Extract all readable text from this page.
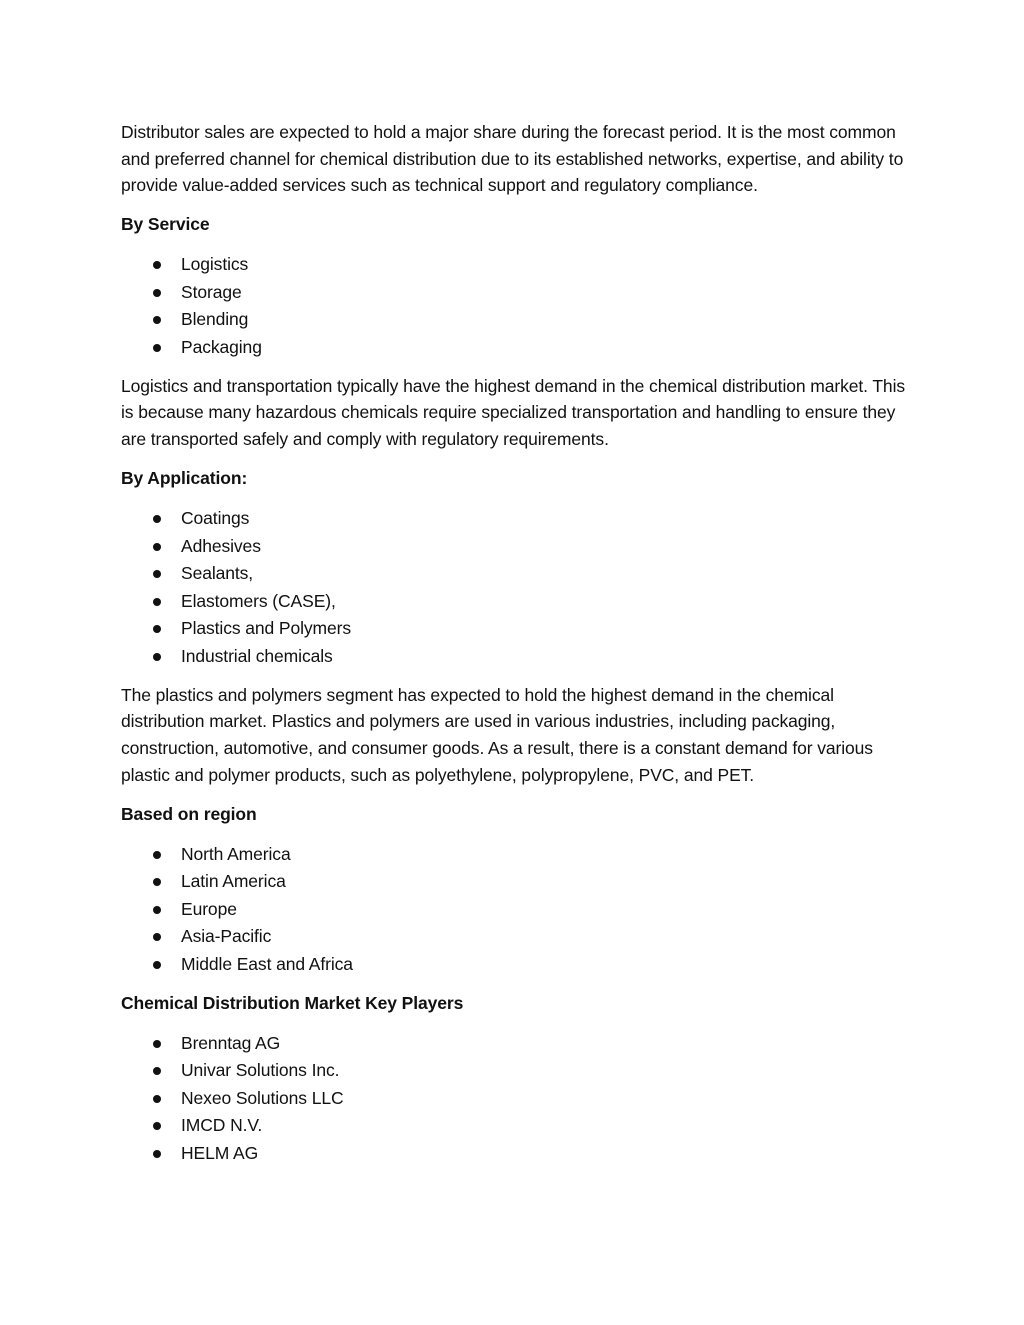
Distributor sales are expected to hold a major share during the forecast period. It is the most common and preferred channel for chemical distribution due to its established networks, expertise, and ability to provide value-added services such as technical support and regulatory compliance.

By Service
Logistics
Storage
Blending
Packaging

Logistics and transportation typically have the highest demand in the chemical distribution market. This is because many hazardous chemicals require specialized transportation and handling to ensure they are transported safely and comply with regulatory requirements.

By Application:
Coatings
Adhesives
Sealants,
Elastomers (CASE),
Plastics and Polymers
Industrial chemicals

The plastics and polymers segment has expected to hold the highest demand in the chemical distribution market. Plastics and polymers are used in various industries, including packaging, construction, automotive, and consumer goods. As a result, there is a constant demand for various plastic and polymer products, such as polyethylene, polypropylene, PVC, and PET.

Based on region
North America
Latin America
Europe
Asia-Pacific
Middle East and Africa
Chemical Distribution Market Key Players
Brenntag AG
Univar Solutions Inc.
Nexeo Solutions LLC
IMCD N.V.
HELM AG
